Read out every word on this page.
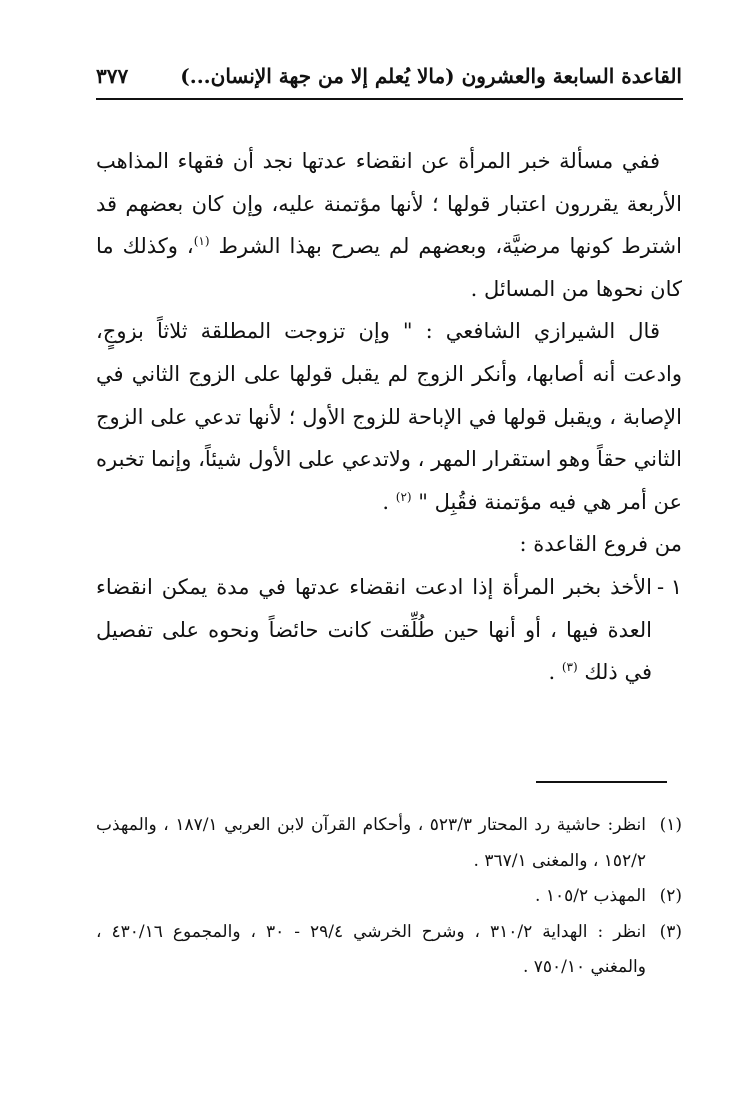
القاعدة السابعة والعشرون (مالا يُعلم إلا من جهة الإنسان...)
٣٧٧

ففي مسألة خبر المرأة عن انقضاء عدتها نجد أن فقهاء المذاهب الأربعة يقررون اعتبار قولها ؛ لأنها مؤتمنة عليه، وإن كان بعضهم قد اشترط كونها مرضيَّة، وبعضهم لم يصرح بهذا الشرط $^{(١)}$، وكذلك ما كان نحوها من المسائل .

قال الشيرازي الشافعي : " وإن تزوجت المطلقة ثلاثاً بزوجٍ، وادعت أنه أصابها، وأنكر الزوج لم يقبل قولها على الزوج الثاني في الإصابة ، ويقبل قولها في الإباحة للزوج الأول ؛ لأنها تدعي على الزوج الثاني حقاً وهو استقرار المهر ، ولاتدعي على الأول شيئاً، وإنما تخبره عن أمر هي فيه مؤتمنة فقُبِل " $^{(٢)}$ .

من فروع القاعدة :

١ -
الأخذ بخبر المرأة إذا ادعت انقضاء عدتها في مدة يمكن انقضاء العدة فيها ، أو أنها حين طُلِّقت كانت حائضاً ونحوه على تفصيل في ذلك $^{(٣)}$ .

(١)
انظر: حاشية رد المحتار ٥٢٣/٣ ، وأحكام القرآن لابن العربي ١٨٧/١ ، والمهذب ١٥٢/٢ ، والمغنى ٣٦٧/١ .

(٢)
المهذب ١٠٥/٢ .

(٣)
انظر : الهداية ٣١٠/٢ ، وشرح الخرشي ٢٩/٤ - ٣٠ ، والمجموع ٤٣٠/١٦ ، والمغني ٧٥٠/١٠ .
